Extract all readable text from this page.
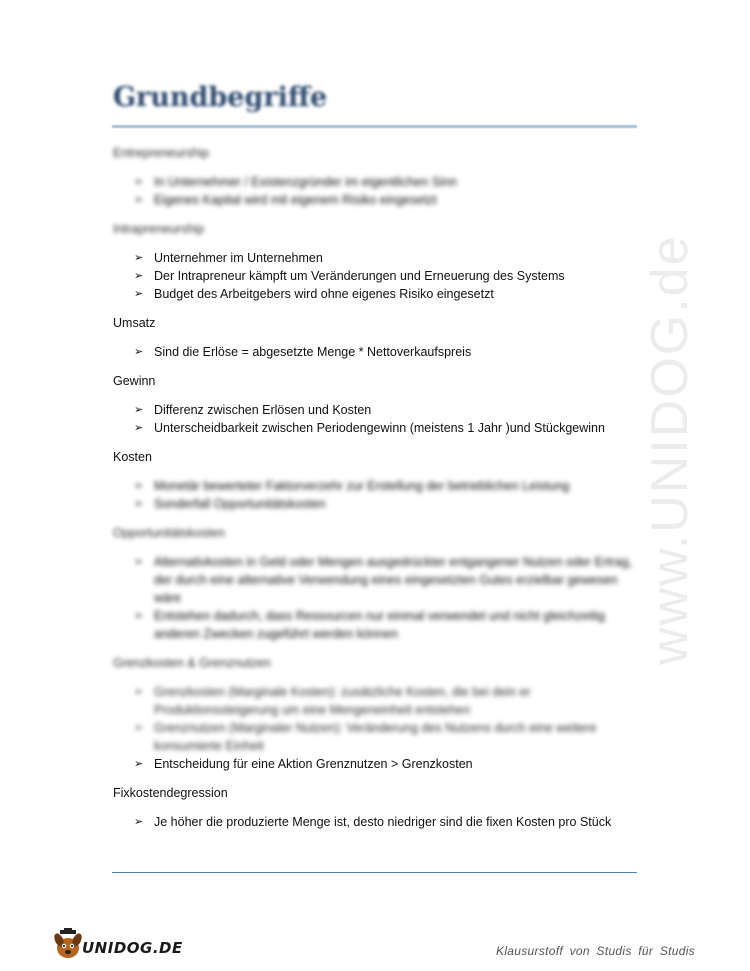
Grundbegriffe
www.UNIDOG.de

Entrepreneurship

➢ In Unternehmer / Existenzgründer im eigentlichen Sinn
➢ Eigenes Kapital wird mit eigenem Risiko eingesetzt

Intrapreneurship

➢ Unternehmer im Unternehmen
➢ Der Intrapreneur kämpft um Veränderungen und Erneuerung des Systems
➢ Budget des Arbeitgebers wird ohne eigenes Risiko eingesetzt

Umsatz

➢ Sind die Erlöse = abgesetzte Menge * Nettoverkaufspreis

Gewinn

➢ Differenz zwischen Erlösen und Kosten
➢ Unterscheidbarkeit zwischen Periodengewinn (meistens 1 Jahr )und Stückgewinn

Kosten

➢ Monetär bewerteter Faktorverzehr zur Erstellung der betrieblichen Leistung
➢ Sonderfall Opportunitätskosten

Opportunitätskosten

➢ Alternativkosten in Geld oder Mengen ausgedrückter entgangener Nutzen oder Ertrag, der durch eine alternative Verwendung eines eingesetzten Gutes erzielbar gewesen wäre
➢ Entstehen dadurch, dass Ressourcen nur einmal verwendet und nicht gleichzeitig anderen Zwecken zugeführt werden können

Grenzkosten & Grenznutzen

➢ Grenzkosten (Marginale Kosten): zusätzliche Kosten, die bei dein er Produktionssteigerung um eine Mengeneinheit entstehen
➢ Grenznutzen (Marginaler Nutzen): Veränderung des Nutzens durch eine weitere konsumierte Einheit
➢ Entscheidung für eine Aktion Grenznutzen > Grenzkosten

Fixkostendegression

➢ Je höher die produzierte Menge ist, desto niedriger sind die fixen Kosten pro Stück
UNIDOG.DE	Klausurstoff von Studis für Studis
